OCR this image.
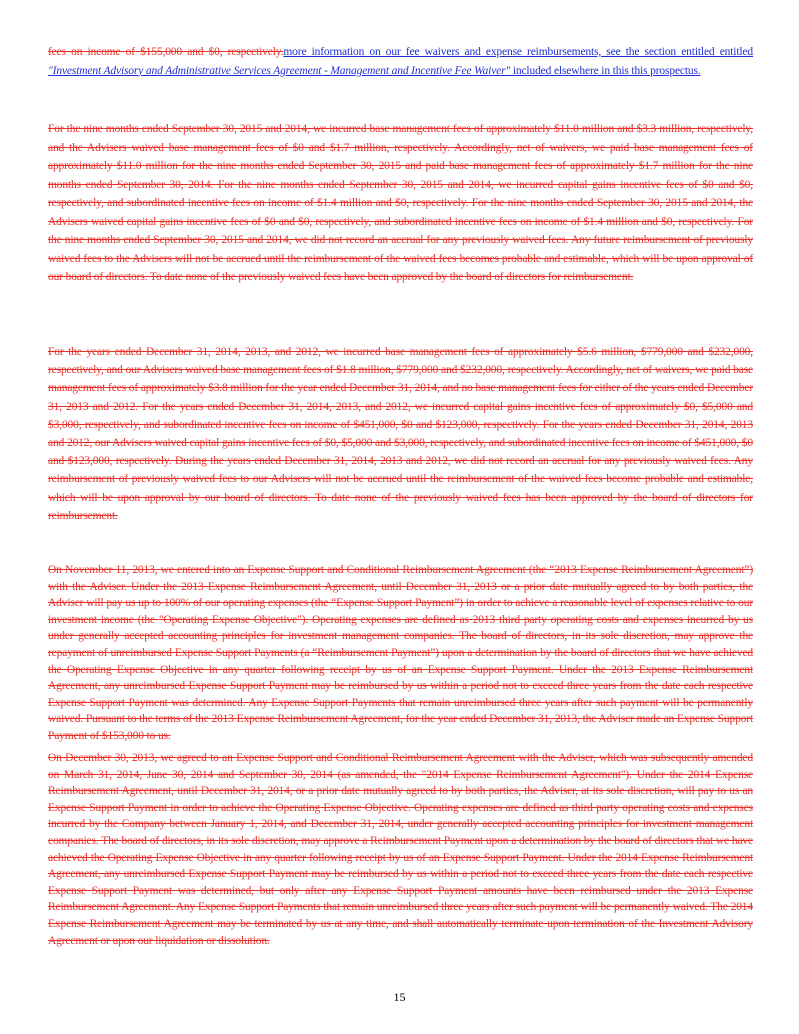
fees on income of $155,000 and $0, respectively.more information on our fee waivers and expense reimbursements, see the section entitled entitled "Investment Advisory and Administrative Services Agreement - Management and Incentive Fee Waiver" included elsewhere in this this prospectus.

For the nine months ended September 30, 2015 and 2014, we incurred base management fees of approximately $11.0 million and $3.3 million, respectively, and the Advisers waived base management fees of $0 and $1.7 million, respectively. Accordingly, net of waivers, we paid base management fees of approximately $11.0 million for the nine months ended September 30, 2015 and paid base management fees of approximately $1.7 million for the nine months ended September 30, 2014. For the nine months ended September 30, 2015 and 2014, we incurred capital gains incentive fees of $0 and $0, respectively, and subordinated incentive fees on income of $1.4 million and $0, respectively. For the nine months ended September 30, 2015 and 2014, the Advisers waived capital gains incentive fees of $0 and $0, respectively, and subordinated incentive fees on income of $1.4 million and $0, respectively. For the nine months ended September 30, 2015 and 2014, we did not record an accrual for any previously waived fees. Any future reimbursement of previously waived fees to the Advisers will not be accrued until the reimbursement of the waived fees becomes probable and estimable, which will be upon approval of our board of directors. To date none of the previously waived fees have been approved by the board of directors for reimbursement.

For the years ended December 31, 2014, 2013, and 2012, we incurred base management fees of approximately $5.6 million, $779,000 and $232,000, respectively, and our Advisers waived base management fees of $1.8 million, $779,000 and $232,000, respectively. Accordingly, net of waivers, we paid base management fees of approximately $3.8 million for the year ended December 31, 2014, and no base management fees for either of the years ended December 31, 2013 and 2012. For the years ended December 31, 2014, 2013, and 2012, we incurred capital gains incentive fees of approximately $0, $5,000 and $3,000, respectively, and subordinated incentive fees on income of $451,000, $0 and $123,000, respectively. For the years ended December 31, 2014, 2013 and 2012, our Advisers waived capital gains incentive fees of $0, $5,000 and $3,000, respectively, and subordinated incentive fees on income of $451,000, $0 and $123,000, respectively. During the years ended December 31, 2014, 2013 and 2012, we did not record an accrual for any previously waived fees. Any reimbursement of previously waived fees to our Advisers will not be accrued until the reimbursement of the waived fees become probable and estimable, which will be upon approval by our board of directors. To date none of the previously waived fees has been approved by the board of directors for reimbursement.

On November 11, 2013, we entered into an Expense Support and Conditional Reimbursement Agreement (the “2013 Expense Reimbursement Agreement”) with the Adviser. Under the 2013 Expense Reimbursement Agreement, until December 31, 2013 or a prior date mutually agreed to by both parties, the Adviser will pay us up to 100% of our operating expenses (the “Expense Support Payment”) in order to achieve a reasonable level of expenses relative to our investment income (the "Operating Expense Objective"). Operating expenses are defined as 2013 third party operating costs and expenses incurred by us under generally accepted accounting principles for investment management companies. The board of directors, in its sole discretion, may approve the repayment of unreimbursed Expense Support Payments (a “Reimbursement Payment”) upon a determination by the board of directors that we have achieved the Operating Expense Objective in any quarter following receipt by us of an Expense Support Payment. Under the 2013 Expense Reimbursement Agreement, any unreimbursed Expense Support Payment may be reimbursed by us within a period not to exceed three years from the date each respective Expense Support Payment was determined. Any Expense Support Payments that remain unreimbursed three years after such payment will be permanently waived. Pursuant to the terms of the 2013 Expense Reimbursement Agreement, for the year ended December 31, 2013, the Adviser made an Expense Support Payment of $153,000 to us.

On December 30, 2013, we agreed to an Expense Support and Conditional Reimbursement Agreement with the Adviser, which was subsequently amended on March 31, 2014, June 30, 2014 and September 30, 2014 (as amended, the "2014 Expense Reimbursement Agreement"). Under the 2014 Expense Reimbursement Agreement, until December 31, 2014, or a prior date mutually agreed to by both parties, the Adviser, at its sole discretion, will pay to us an Expense Support Payment in order to achieve the Operating Expense Objective. Operating expenses are defined as third party operating costs and expenses incurred by the Company between January 1, 2014, and December 31, 2014, under generally accepted accounting principles for investment management companies. The board of directors, in its sole discretion, may approve a Reimbursement Payment upon a determination by the board of directors that we have achieved the Operating Expense Objective in any quarter following receipt by us of an Expense Support Payment. Under the 2014 Expense Reimbursement Agreement, any unreimbursed Expense Support Payment may be reimbursed by us within a period not to exceed three years from the date each respective Expense Support Payment was determined, but only after any Expense Support Payment amounts have been reimbursed under the 2013 Expense Reimbursement Agreement. Any Expense Support Payments that remain unreimbursed three years after such payment will be permanently waived. The 2014 Expense Reimbursement Agreement may be terminated by us at any time, and shall automatically terminate upon termination of the Investment Advisory Agreement or upon our liquidation or dissolution.

15
